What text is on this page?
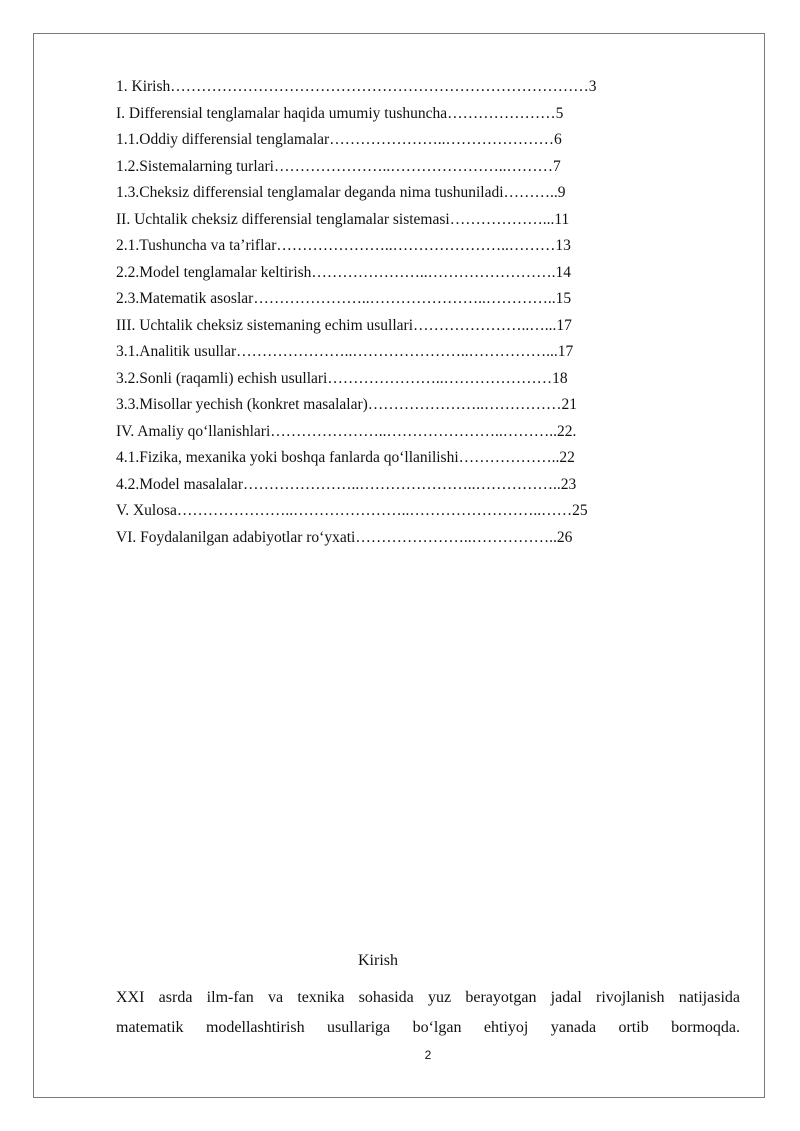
1. Kirish………………………………………………………………………3
I. Differensial tenglamalar haqida umumiy tushuncha…………………5
1.1.Oddiy differensial tenglamalar…………………..…………………6
1.2.Sistemalarning turlari…………………..…………………..………7
1.3.Cheksiz differensial tenglamalar deganda nima tushuniladi………..9
II. Uchtalik cheksiz differensial tenglamalar sistemasi………………...11
2.1.Tushuncha va ta’riflar…………………..…………………..………13
2.2.Model tenglamalar keltirish…………………..…………………….14
2.3.Matematik asoslar…………………..…………………..…………..15
III. Uchtalik cheksiz sistemaning echim usullari…………………..…...17
3.1.Analitik usullar…………………..…………………..……………...17
3.2.Sonli (raqamli) echish usullari…………………..…………………18
3.3.Misollar yechish (konkret masalalar)…………………..……………21
IV. Amaliy qo‘llanishlari…………………..…………………..………..22.
4.1.Fizika, mexanika yoki boshqa fanlarda qo‘llanilishi………………..22
4.2.Model masalalar…………………..…………………..……………..23
V. Xulosa…………………..…………………..……………………..……25
VI. Foydalanilgan adabiyotlar ro‘yxati…………………..……………..26
Kirish
XXI asrda ilm-fan va texnika sohasida yuz berayotgan jadal rivojlanish natijasida
matematik modellashtirish usullariga bo‘lgan ehtiyoj yanada ortib bormoqda.
2
